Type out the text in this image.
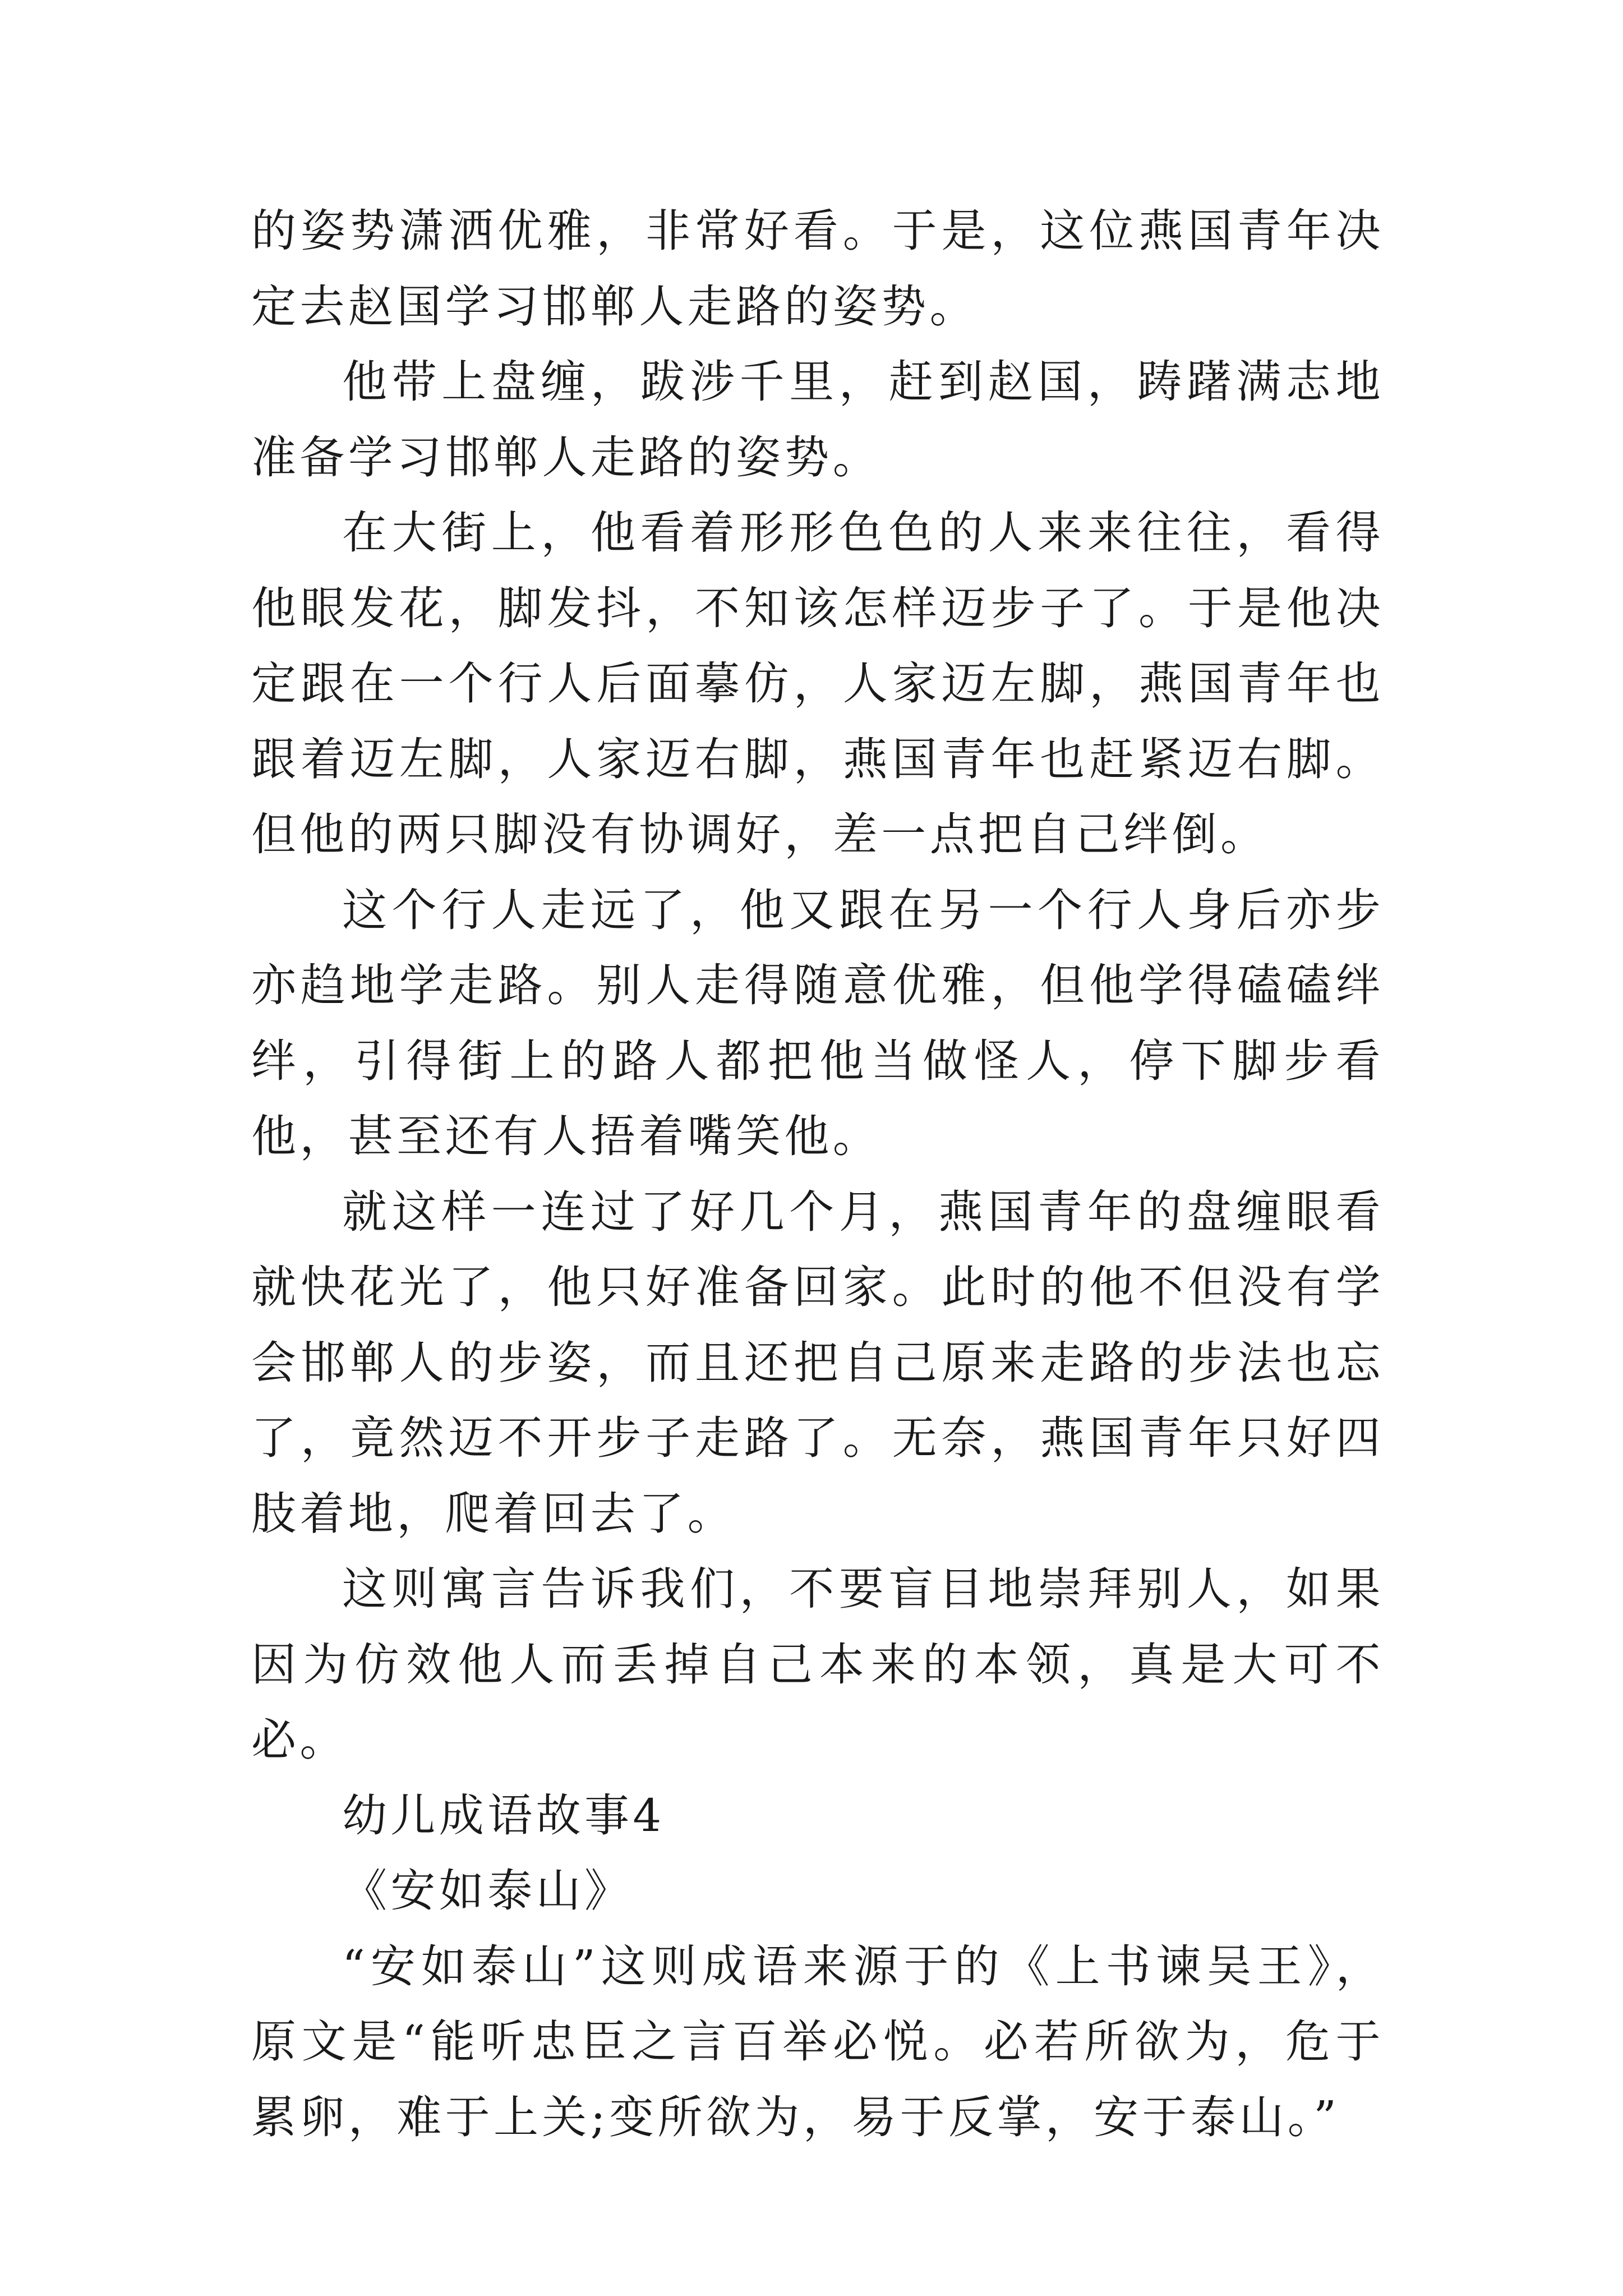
的姿势潇洒优雅，非常好看。于是，这位燕国青年决定去赵国学习邯郸人走路的姿势。

他带上盘缠，跋涉千里，赶到赵国，踌躇满志地准备学习邯郸人走路的姿势。

在大街上，他看着形形色色的人来来往往，看得他眼发花，脚发抖，不知该怎样迈步子了。于是他决定跟在一个行人后面摹仿，人家迈左脚，燕国青年也跟着迈左脚，人家迈右脚，燕国青年也赶紧迈右脚。但他的两只脚没有协调好，差一点把自己绊倒。

这个行人走远了，他又跟在另一个行人身后亦步亦趋地学走路。别人走得随意优雅，但他学得磕磕绊绊，引得街上的路人都把他当做怪人，停下脚步看他，甚至还有人捂着嘴笑他。

就这样一连过了好几个月，燕国青年的盘缠眼看就快花光了，他只好准备回家。此时的他不但没有学会邯郸人的步姿，而且还把自己原来走路的步法也忘了，竟然迈不开步子走路了。无奈，燕国青年只好四肢着地，爬着回去了。

这则寓言告诉我们，不要盲目地崇拜别人，如果因为仿效他人而丢掉自己本来的本领，真是大可不必。

幼儿成语故事4

《安如泰山》

“安如泰山”这则成语来源于的《上书谏吴王》，原文是“能听忠臣之言百举必悦。必若所欲为，危于累卵，难于上关;变所欲为，易于反掌，安于泰山。”
